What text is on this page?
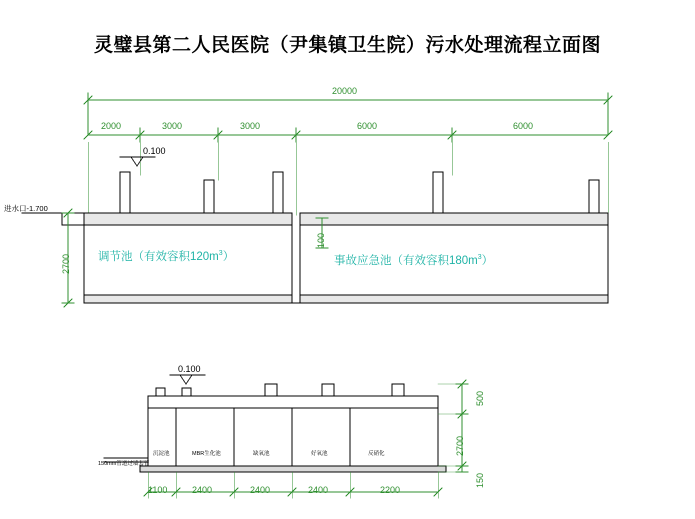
灵璧县第二人民医院（尹集镇卫生院）污水处理流程立面图
20000
2000	3000	3000	6000	6000
0.100
进水口-1.700
2700
100
调节池（有效容积$120m^3$）	事故应急池（有效容积$180m^3$）
0.100
150mm管道过墙套管
沉淀池	MBR生化池	缺氧池	好氧池	反硝化
1100	2400	2400	2400	2200
500
2700
150
